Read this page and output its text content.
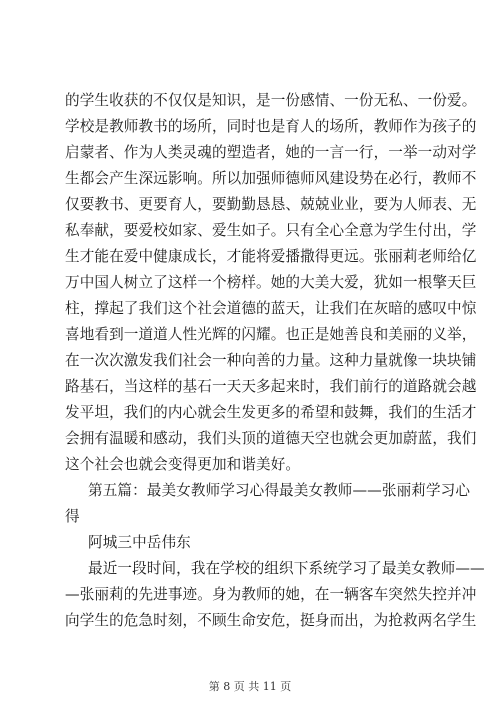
的学生收获的不仅仅是知识，是一份感情、一份无私、一份爱。
学校是教师教书的场所，同时也是育人的场所，教师作为孩子的
启蒙者、作为人类灵魂的塑造者，她的一言一行，一举一动对学
生都会产生深远影响。所以加强师德师风建设势在必行，教师不
仅要教书、更要育人，要勤勤恳恳、兢兢业业，要为人师表、无
私奉献，要爱校如家、爱生如子。只有全心全意为学生付出，学
生才能在爱中健康成长，才能将爱播撒得更远。张丽莉老师给亿
万中国人树立了这样一个榜样。她的大美大爱，犹如一根擎天巨
柱，撑起了我们这个社会道德的蓝天，让我们在灰暗的感叹中惊
喜地看到一道道人性光辉的闪耀。也正是她善良和美丽的义举，
在一次次激发我们社会一种向善的力量。这种力量就像一块块铺
路基石，当这样的基石一天天多起来时，我们前行的道路就会越
发平坦，我们的内心就会生发更多的希望和鼓舞，我们的生活才
会拥有温暖和感动，我们头顶的道德天空也就会更加蔚蓝，我们
这个社会也就会变得更加和谐美好。
第五篇：最美女教师学习心得最美女教师——张丽莉学习心
得
阿城三中岳伟东
最近一段时间，我在学校的组织下系统学习了最美女教师——
—张丽莉的先进事迹。身为教师的她，在一辆客车突然失控并冲
向学生的危急时刻，不顾生命安危，挺身而出，为抢救两名学生
第 8 页 共 11 页
